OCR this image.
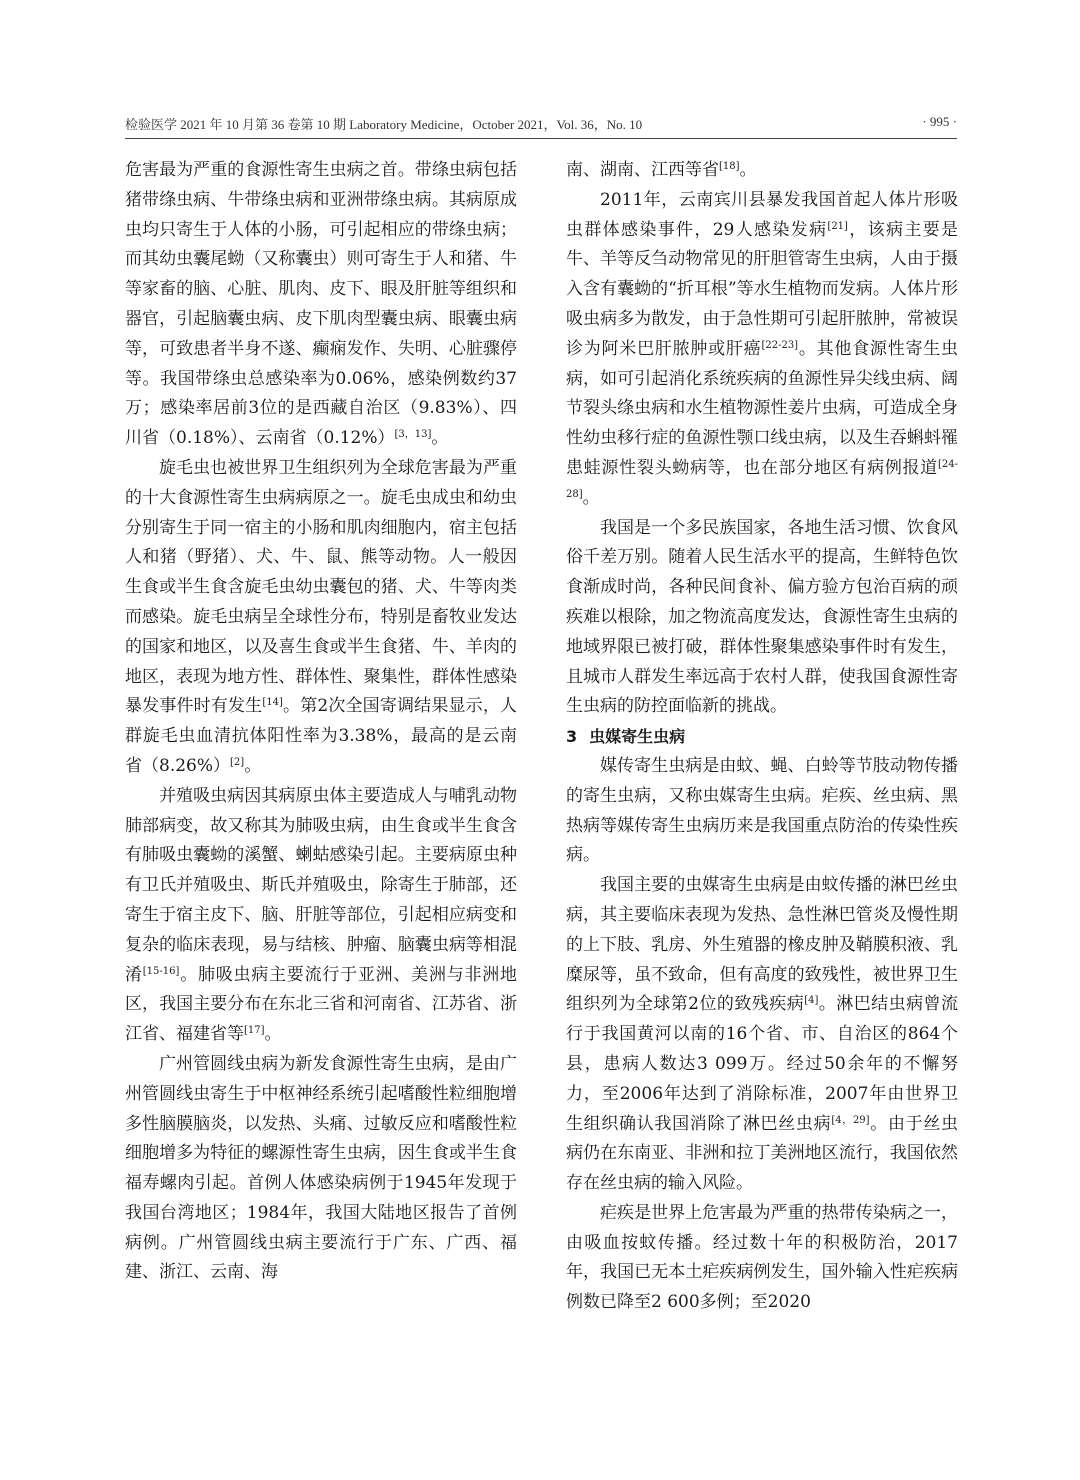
检验医学 2021 年 10 月第 36 卷第 10 期 Laboratory Medicine，October 2021，Vol. 36，No. 10	· 995 ·

危害最为严重的食源性寄生虫病之首。带绦虫病包括猪带绦虫病、牛带绦虫病和亚洲带绦虫病。其病原成虫均只寄生于人体的小肠，可引起相应的带绦虫病；而其幼虫囊尾蚴（又称囊虫）则可寄生于人和猪、牛等家畜的脑、心脏、肌肉、皮下、眼及肝脏等组织和器官，引起脑囊虫病、皮下肌肉型囊虫病、眼囊虫病等，可致患者半身不遂、癫痫发作、失明、心脏骤停等。我国带绦虫总感染率为0.06%，感染例数约37万；感染率居前3位的是西藏自治区（9.83%）、四川省（0.18%）、云南省（0.12%）[3，13]。

旋毛虫也被世界卫生组织列为全球危害最为严重的十大食源性寄生虫病病原之一。旋毛虫成虫和幼虫分别寄生于同一宿主的小肠和肌肉细胞内，宿主包括人和猪（野猪）、犬、牛、鼠、熊等动物。人一般因生食或半生食含旋毛虫幼虫囊包的猪、犬、牛等肉类而感染。旋毛虫病呈全球性分布，特别是畜牧业发达的国家和地区，以及喜生食或半生食猪、牛、羊肉的地区，表现为地方性、群体性、聚集性，群体性感染暴发事件时有发生[14]。第2次全国寄调结果显示，人群旋毛虫血清抗体阳性率为3.38%，最高的是云南省（8.26%）[2]。

并殖吸虫病因其病原虫体主要造成人与哺乳动物肺部病变，故又称其为肺吸虫病，由生食或半生食含有肺吸虫囊蚴的溪蟹、蝲蛄感染引起。主要病原虫种有卫氏并殖吸虫、斯氏并殖吸虫，除寄生于肺部，还寄生于宿主皮下、脑、肝脏等部位，引起相应病变和复杂的临床表现，易与结核、肿瘤、脑囊虫病等相混淆[15-16]。肺吸虫病主要流行于亚洲、美洲与非洲地区，我国主要分布在东北三省和河南省、江苏省、浙江省、福建省等[17]。

广州管圆线虫病为新发食源性寄生虫病，是由广州管圆线虫寄生于中枢神经系统引起嗜酸性粒细胞增多性脑膜脑炎，以发热、头痛、过敏反应和嗜酸性粒细胞增多为特征的螺源性寄生虫病，因生食或半生食福寿螺肉引起。首例人体感染病例于1945年发现于我国台湾地区；1984年，我国大陆地区报告了首例病例。广州管圆线虫病主要流行于广东、广西、福建、浙江、云南、海

南、湖南、江西等省[18]。

2011年，云南宾川县暴发我国首起人体片形吸虫群体感染事件，29人感染发病[21]，该病主要是牛、羊等反刍动物常见的肝胆管寄生虫病，人由于摄入含有囊蚴的“折耳根”等水生植物而发病。人体片形吸虫病多为散发，由于急性期可引起肝脓肿，常被误诊为阿米巴肝脓肿或肝癌[22-23]。其他食源性寄生虫病，如可引起消化系统疾病的鱼源性异尖线虫病、阔节裂头绦虫病和水生植物源性姜片虫病，可造成全身性幼虫移行症的鱼源性颚口线虫病，以及生吞蝌蚪罹患蛙源性裂头蚴病等，也在部分地区有病例报道[24-28]。

我国是一个多民族国家，各地生活习惯、饮食风俗千差万别。随着人民生活水平的提高，生鲜特色饮食渐成时尚，各种民间食补、偏方验方包治百病的顽疾难以根除，加之物流高度发达，食源性寄生虫病的地域界限已被打破，群体性聚集感染事件时有发生，且城市人群发生率远高于农村人群，使我国食源性寄生虫病的防控面临新的挑战。

3 虫媒寄生虫病

媒传寄生虫病是由蚊、蝇、白蛉等节肢动物传播的寄生虫病，又称虫媒寄生虫病。疟疾、丝虫病、黑热病等媒传寄生虫病历来是我国重点防治的传染性疾病。

我国主要的虫媒寄生虫病是由蚊传播的淋巴丝虫病，其主要临床表现为发热、急性淋巴管炎及慢性期的上下肢、乳房、外生殖器的橡皮肿及鞘膜积液、乳糜尿等，虽不致命，但有高度的致残性，被世界卫生组织列为全球第2位的致残疾病[4]。淋巴结虫病曾流行于我国黄河以南的16个省、市、自治区的864个县，患病人数达3 099万。经过50余年的不懈努力，至2006年达到了消除标准，2007年由世界卫生组织确认我国消除了淋巴丝虫病[4，29]。由于丝虫病仍在东南亚、非洲和拉丁美洲地区流行，我国依然存在丝虫病的输入风险。

疟疾是世界上危害最为严重的热带传染病之一，由吸血按蚊传播。经过数十年的积极防治，2017年，我国已无本土疟疾病例发生，国外输入性疟疾病例数已降至2 600多例；至2020
